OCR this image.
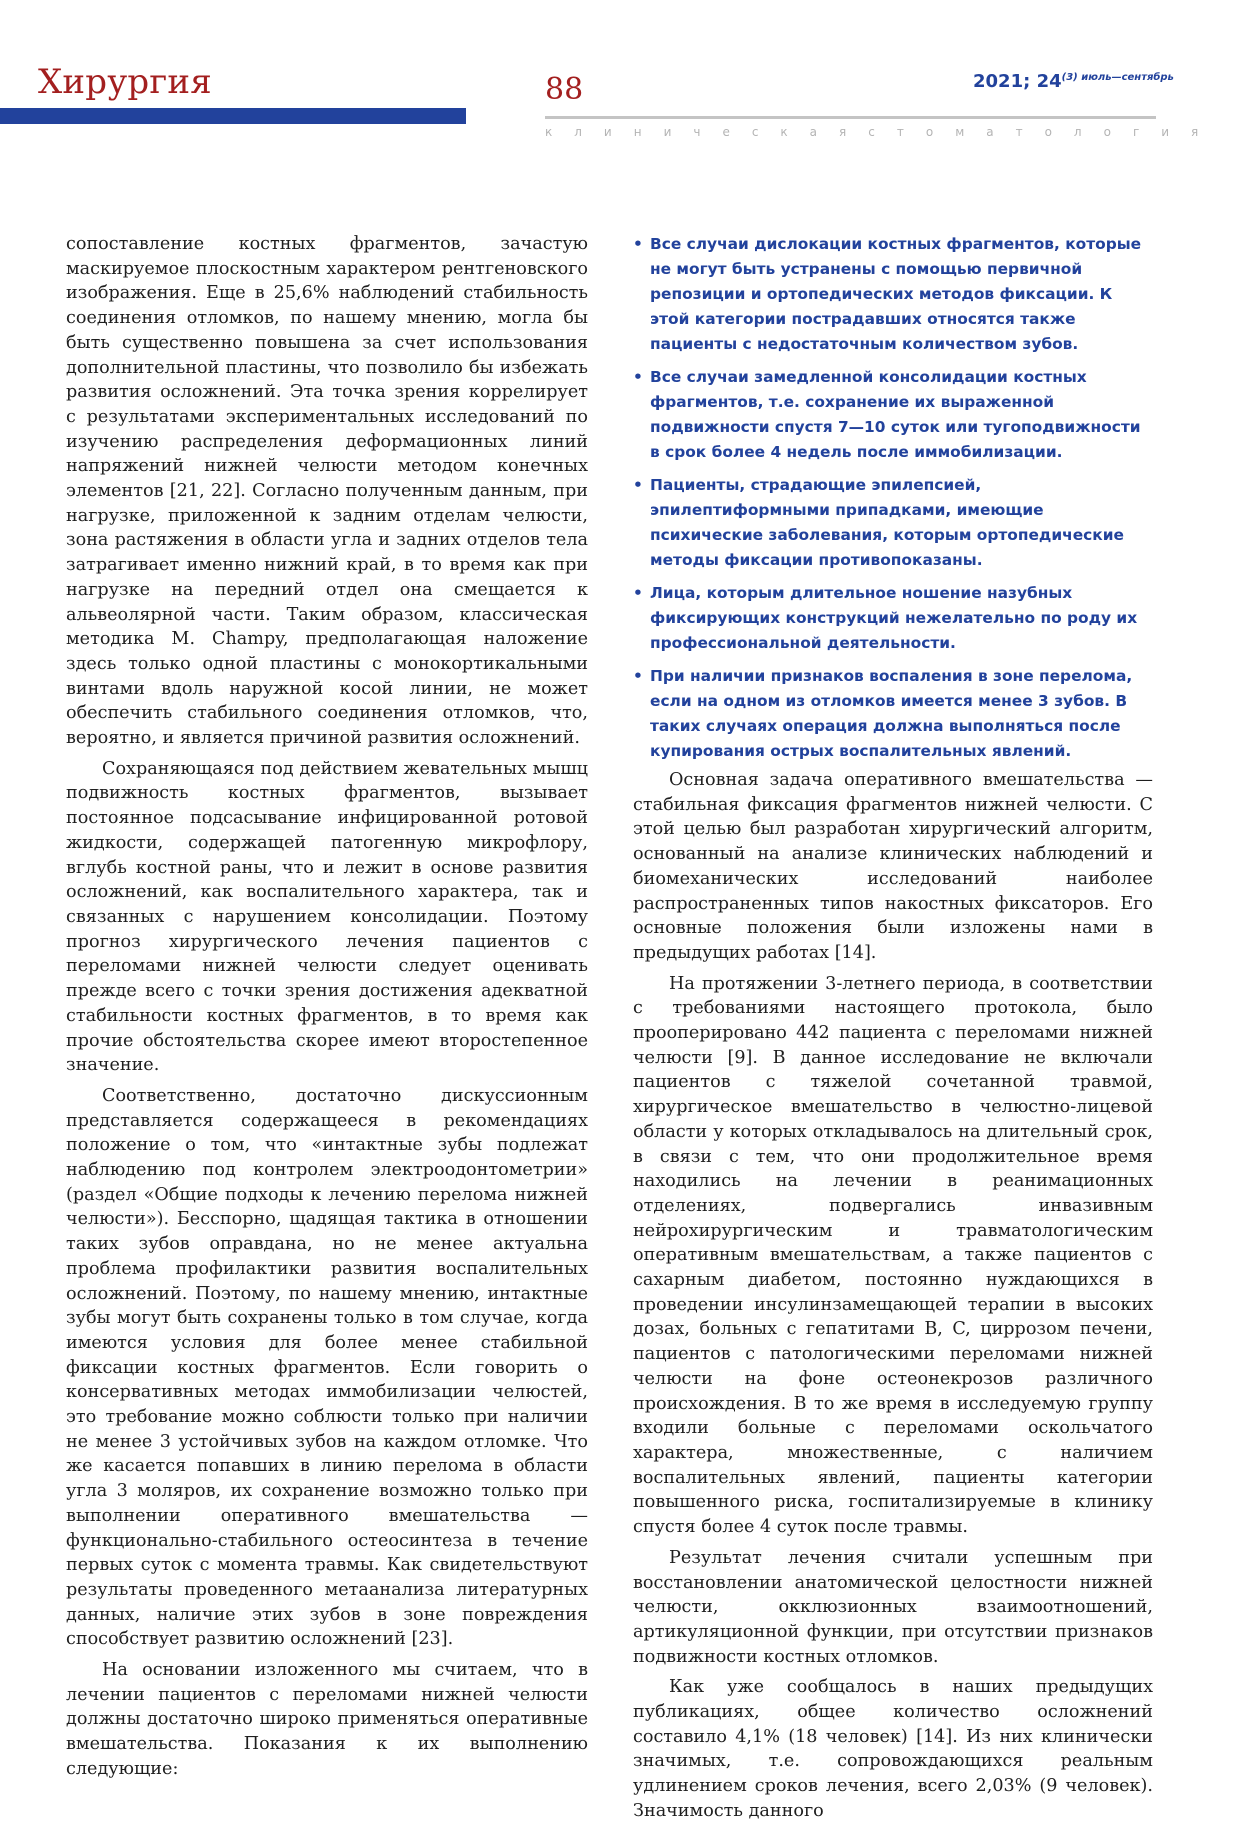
Хирургия	88	2021; $24^{(3) июль—сентябрь}$
клиническая стоматология

сопоставление костных фрагментов, зачастую маскируемое плоскостным характером рентгеновского изображения. Еще в 25,6% наблюдений стабильность соединения отломков, по нашему мнению, могла бы быть существенно повышена за счет использования дополнительной пластины, что позволило бы избежать развития осложнений. Эта точка зрения коррелирует с результатами экспериментальных исследований по изучению распределения деформационных линий напряжений нижней челюсти методом конечных элементов [21, 22]. Согласно полученным данным, при нагрузке, приложенной к задним отделам челюсти, зона растяжения в области угла и задних отделов тела затрагивает именно нижний край, в то время как при нагрузке на передний отдел она смещается к альвеолярной части. Таким образом, классическая методика M. Champy, предполагающая наложение здесь только одной пластины с монокортикальными винтами вдоль наружной косой линии, не может обеспечить стабильного соединения отломков, что, вероятно, и является причиной развития осложнений.

Сохраняющаяся под действием жевательных мышц подвижность костных фрагментов, вызывает постоянное подсасывание инфицированной ротовой жидкости, содержащей патогенную микрофлору, вглубь костной раны, что и лежит в основе развития осложнений, как воспалительного характера, так и связанных с нарушением консолидации. Поэтому прогноз хирургического лечения пациентов с переломами нижней челюсти следует оценивать прежде всего с точки зрения достижения адекватной стабильности костных фрагментов, в то время как прочие обстоятельства скорее имеют второстепенное значение.

Соответственно, достаточно дискуссионным представляется содержащееся в рекомендациях положение о том, что «интактные зубы подлежат наблюдению под контролем электроодонтометрии» (раздел «Общие подходы к лечению перелома нижней челюсти»). Бесспорно, щадящая тактика в отношении таких зубов оправдана, но не менее актуальна проблема профилактики развития воспалительных осложнений. Поэтому, по нашему мнению, интактные зубы могут быть сохранены только в том случае, когда имеются условия для более менее стабильной фиксации костных фрагментов. Если говорить о консервативных методах иммобилизации челюстей, это требование можно соблюсти только при наличии не менее 3 устойчивых зубов на каждом отломке. Что же касается попавших в линию перелома в области угла 3 моляров, их сохранение возможно только при выполнении оперативного вмешательства — функционально-стабильного остеосинтеза в течение первых суток с момента травмы. Как свидетельствуют результаты проведенного метаанализа литературных данных, наличие этих зубов в зоне повреждения способствует развитию осложнений [23].

На основании изложенного мы считаем, что в лечении пациентов с переломами нижней челюсти должны достаточно широко применяться оперативные вмешательства. Показания к их выполнению следующие:

• Все случаи дислокации костных фрагментов, которые не могут быть устранены с помощью первичной репозиции и ортопедических методов фиксации. К этой категории пострадавших относятся также пациенты с недостаточным количеством зубов.
• Все случаи замедленной консолидации костных фрагментов, т.е. сохранение их выраженной подвижности спустя 7—10 суток или тугоподвижности в срок более 4 недель после иммобилизации.
• Пациенты, страдающие эпилепсией, эпилептиформными припадками, имеющие психические заболевания, которым ортопедические методы фиксации противопоказаны.
• Лица, которым длительное ношение назубных фиксирующих конструкций нежелательно по роду их профессиональной деятельности.
• При наличии признаков воспаления в зоне перелома, если на одном из отломков имеется менее 3 зубов. В таких случаях операция должна выполняться после купирования острых воспалительных явлений.

Основная задача оперативного вмешательства — стабильная фиксация фрагментов нижней челюсти. С этой целью был разработан хирургический алгоритм, основанный на анализе клинических наблюдений и биомеханических исследований наиболее распространенных типов накостных фиксаторов. Его основные положения были изложены нами в предыдущих работах [14].

На протяжении 3-летнего периода, в соответствии с требованиями настоящего протокола, было прооперировано 442 пациента с переломами нижней челюсти [9]. В данное исследование не включали пациентов с тяжелой сочетанной травмой, хирургическое вмешательство в челюстно-лицевой области у которых откладывалось на длительный срок, в связи с тем, что они продолжительное время находились на лечении в реанимационных отделениях, подвергались инвазивным нейрохирургическим и травматологическим оперативным вмешательствам, а также пациентов с сахарным диабетом, постоянно нуждающихся в проведении инсулинзамещающей терапии в высоких дозах, больных с гепатитами B, C, циррозом печени, пациентов с патологическими переломами нижней челюсти на фоне остеонекрозов различного происхождения. В то же время в исследуемую группу входили больные с переломами оскольчатого характера, множественные, с наличием воспалительных явлений, пациенты категории повышенного риска, госпитализируемые в клинику спустя более 4 суток после травмы.

Результат лечения считали успешным при восстановлении анатомической целостности нижней челюсти, окклюзионных взаимоотношений, артикуляционной функции, при отсутствии признаков подвижности костных отломков.

Как уже сообщалось в наших предыдущих публикациях, общее количество осложнений составило 4,1% (18 человек) [14]. Из них клинически значимых, т.е. сопровождающихся реальным удлинением сроков лечения, всего 2,03% (9 человек). Значимость данного
